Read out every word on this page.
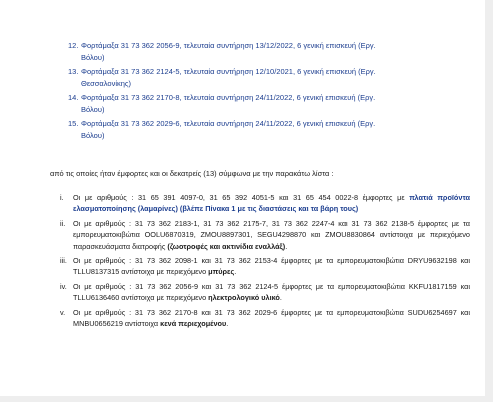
12. Φορτάμαξα 31 73 362 2056-9, τελευταία συντήρηση 13/12/2022, 6 γενική επισκευή (Εργ.
Βόλου)
13. Φορτάμαξα 31 73 362 2124-5, τελευταία συντήρηση 12/10/2021, 6 γενική επισκευή (Εργ.
Θεσσαλονίκης)
14. Φορτάμαξα 31 73 362 2170-8, τελευταία συντήρηση 24/11/2022, 6 γενική επισκευή (Εργ.
Βόλου)
15. Φορτάμαξα 31 73 362 2029-6, τελευταία συντήρηση 24/11/2022, 6 γενική επισκευή (Εργ.
Βόλου)
από τις οποίες ήταν έμφορτες και οι δεκατρείς (13) σύμφωνα με την παρακάτω λίστα :
i.	Οι με αριθμούς : 31 65 391 4097-0, 31 65 392 4051-5 και 31 65 454 0022-8 έμφορτες με πλατιά προϊόντα ελασματοποίησης (λαμαρίνες) (βλέπε Πίνακα 1 με τις διαστάσεις και τα βάρη τους)
ii.	Οι με αριθμούς : 31 73 362 2183-1, 31 73 362 2175-7, 31 73 362 2247-4 και 31 73 362 2138-5 έμφορτες με τα εμπορευματοκιβώτια OOLU6870319, ZMOU8897301, SEGU4298870 και ZMOU8830864 αντίστοιχα με περιεχόμενο παρασκευάσματα διατροφής (ζωοτροφές και ακτινίδια εναλλάξ).
iii. Οι με αριθμούς : 31 73 362 2098-1 και 31 73 362 2153-4 έμφορτες με τα εμπορευματοκιβώτια DRYU9632198 και TLLU8137315 αντίστοιχα με περιεχόμενο μπύρες.
iv. Οι με αριθμούς : 31 73 362 2056-9 και 31 73 362 2124-5 έμφορτες με τα εμπορευματοκιβώτια KKFU1817159 και TLLU6136460 αντίστοιχα με περιεχόμενο ηλεκτρολογικό υλικό.
v.	Οι με αριθμούς : 31 73 362 2170-8 και 31 73 362 2029-6 έμφορτες με τα εμπορευματοκιβώτια SUDU6254697 και MNBU0656219 αντίστοιχα κενά περιεχομένου.
